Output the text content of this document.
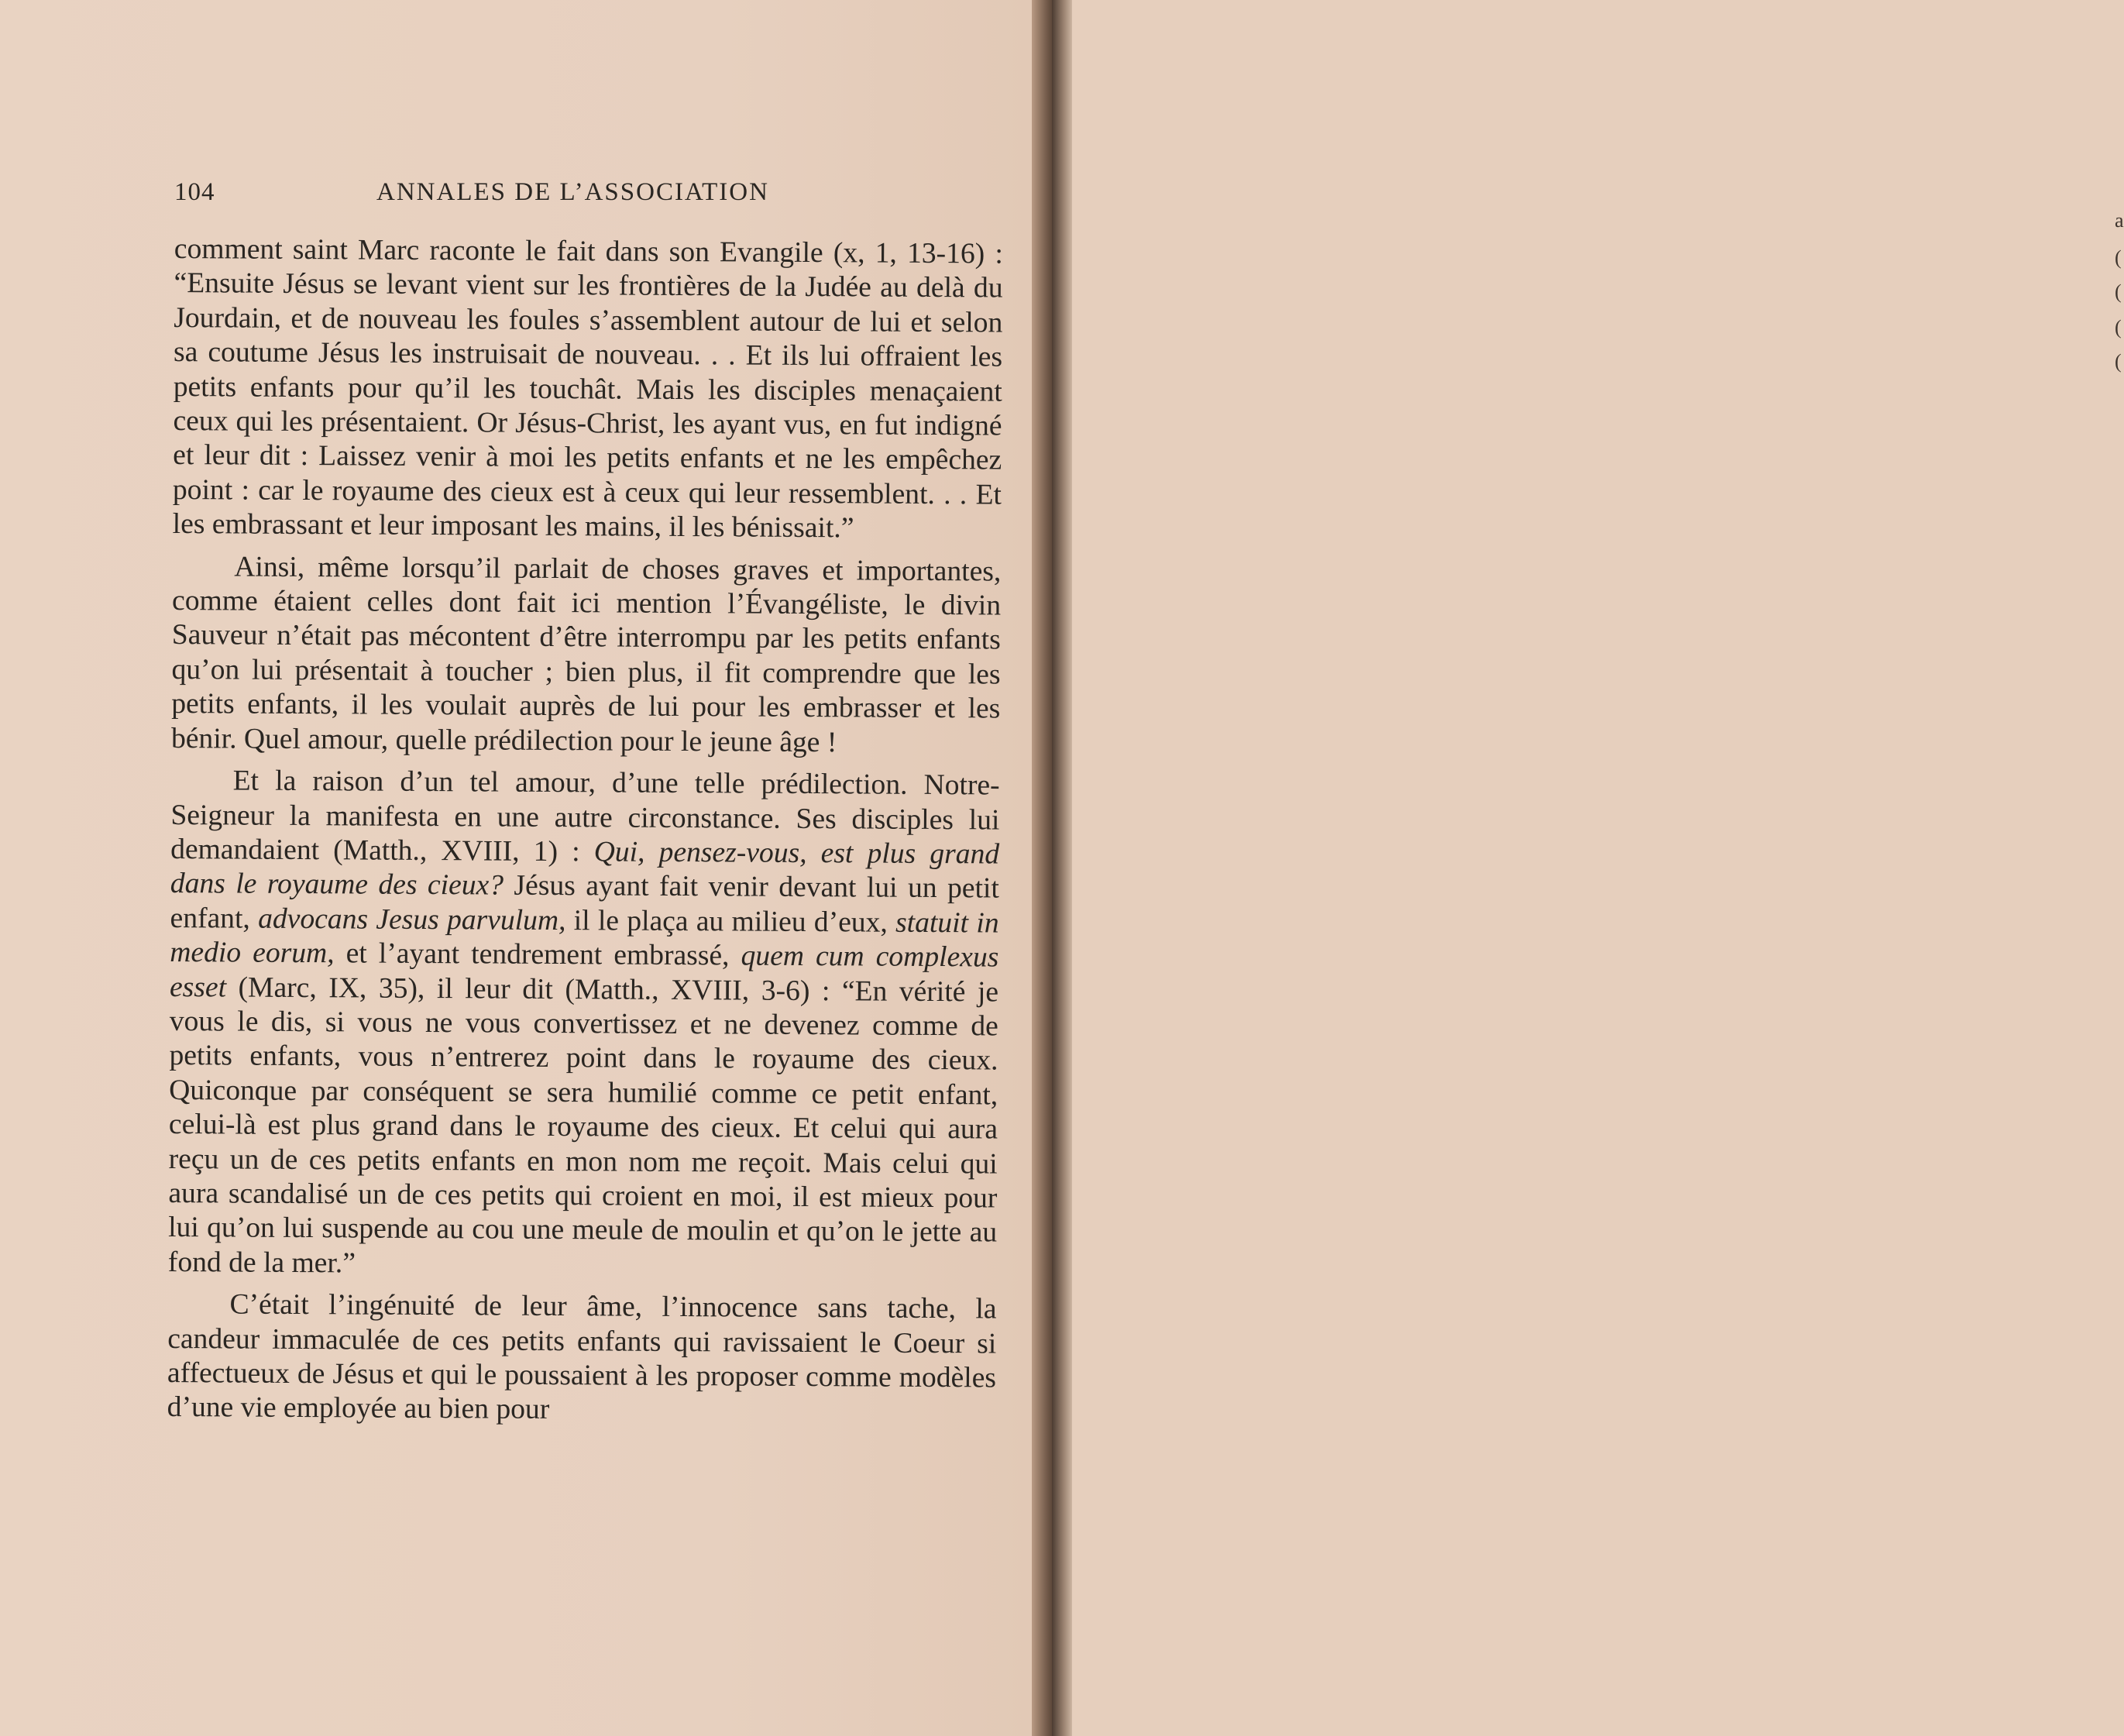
104	ANNALES DE L’ASSOCIATION

comment saint Marc raconte le fait dans son Evangile (x, 1, 13-16) : “Ensuite Jésus se levant vient sur les frontières de la Judée au delà du Jourdain, et de nouveau les foules s’assemblent autour de lui et selon sa coutume Jésus les instruisait de nouveau. . . Et ils lui offraient les petits enfants pour qu’il les touchât. Mais les disciples menaçaient ceux qui les présentaient. Or Jésus-Christ, les ayant vus, en fut indigné et leur dit : Laissez venir à moi les petits enfants et ne les empêchez point : car le royaume des cieux est à ceux qui leur ressemblent. . . Et les embrassant et leur imposant les mains, il les bénissait.”

Ainsi, même lorsqu’il parlait de choses graves et importantes, comme étaient celles dont fait ici mention l’Évangéliste, le divin Sauveur n’était pas mécontent d’être interrompu par les petits enfants qu’on lui présentait à toucher ; bien plus, il fit comprendre que les petits enfants, il les voulait auprès de lui pour les embrasser et les bénir. Quel amour, quelle prédilection pour le jeune âge !

Et la raison d’un tel amour, d’une telle prédilection. Notre-Seigneur la manifesta en une autre circonstance. Ses disciples lui demandaient (Matth., XVIII, 1) : Qui, pensez-vous, est plus grand dans le royaume des cieux? Jésus ayant fait venir devant lui un petit enfant, advocans Jesus parvulum, il le plaça au milieu d’eux, statuit in medio eorum, et l’ayant tendrement embrassé, quem cum complexus esset (Marc, IX, 35), il leur dit (Matth., XVIII, 3-6) : “En vérité je vous le dis, si vous ne vous convertissez et ne devenez comme de petits enfants, vous n’entrerez point dans le royaume des cieux. Quiconque par conséquent se sera humilié comme ce petit enfant, celui-là est plus grand dans le royaume des cieux. Et celui qui aura reçu un de ces petits enfants en mon nom me reçoit. Mais celui qui aura scandalisé un de ces petits qui croient en moi, il est mieux pour lui qu’on lui suspende au cou une meule de moulin et qu’on le jette au fond de la mer.”

C’était l’ingénuité de leur âme, l’innocence sans tache, la candeur immaculée de ces petits enfants qui ravissaient le Coeur si affectueux de Jésus et qui le poussaient à les proposer comme modèles d’une vie employée au bien pour

a
(
(
(
(
